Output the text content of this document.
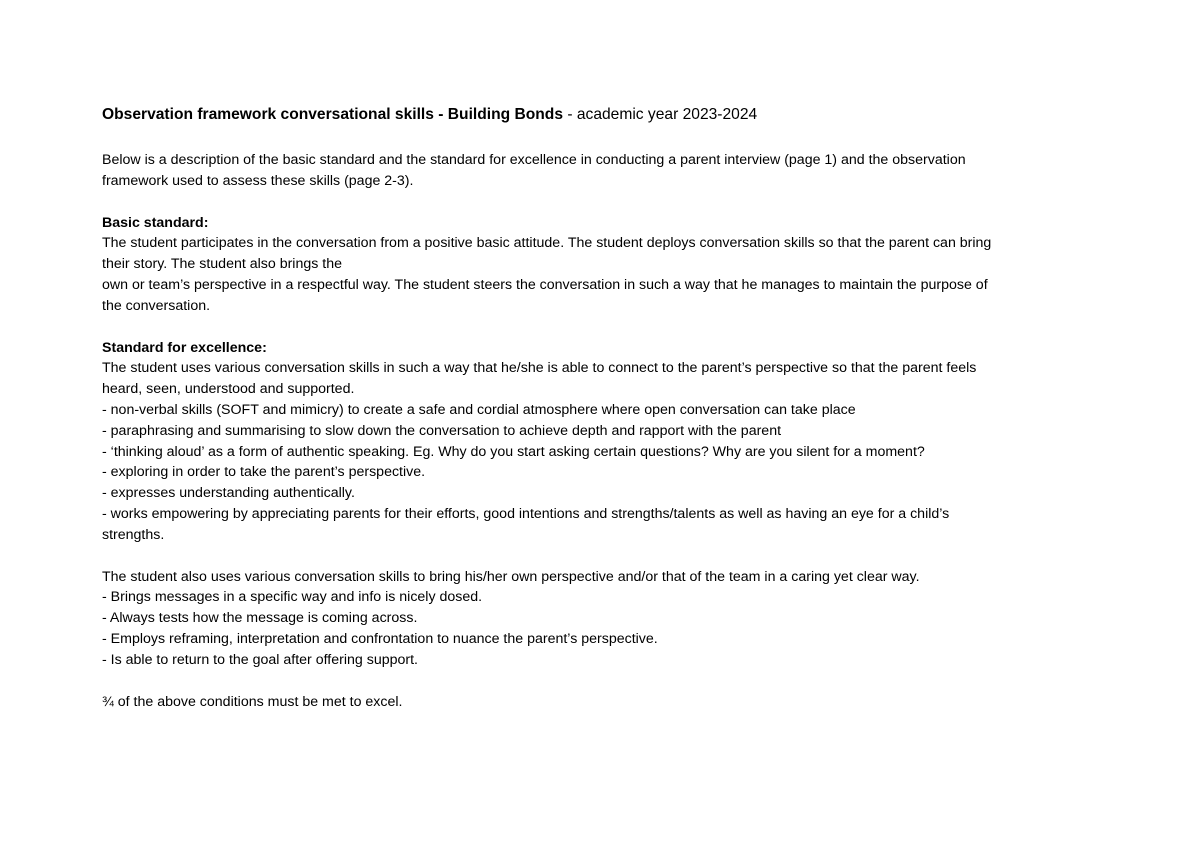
Observation framework conversational skills - Building Bonds - academic year 2023-2024
Below is a description of the basic standard and the standard for excellence in conducting a parent interview (page 1) and the observation
framework used to assess these skills (page 2-3).
Basic standard:
The student participates in the conversation from a positive basic attitude. The student deploys conversation skills so that the parent can bring
their story. The student also brings the
own or team’s perspective in a respectful way. The student steers the conversation in such a way that he manages to maintain the purpose of
the conversation.
Standard for excellence:
The student uses various conversation skills in such a way that he/she is able to connect to the parent’s perspective so that the parent feels
heard, seen, understood and supported.
- non-verbal skills (SOFT and mimicry) to create a safe and cordial atmosphere where open conversation can take place
- paraphrasing and summarising to slow down the conversation to achieve depth and rapport with the parent
- ‘thinking aloud’ as a form of authentic speaking. Eg. Why do you start asking certain questions? Why are you silent for a moment?
- exploring in order to take the parent’s perspective.
- expresses understanding authentically.
- works empowering by appreciating parents for their efforts, good intentions and strengths/talents as well as having an eye for a child’s
strengths.
The student also uses various conversation skills to bring his/her own perspective and/or that of the team in a caring yet clear way.
- Brings messages in a specific way and info is nicely dosed.
- Always tests how the message is coming across.
- Employs reframing, interpretation and confrontation to nuance the parent’s perspective.
- Is able to return to the goal after offering support.
¾ of the above conditions must be met to excel.
